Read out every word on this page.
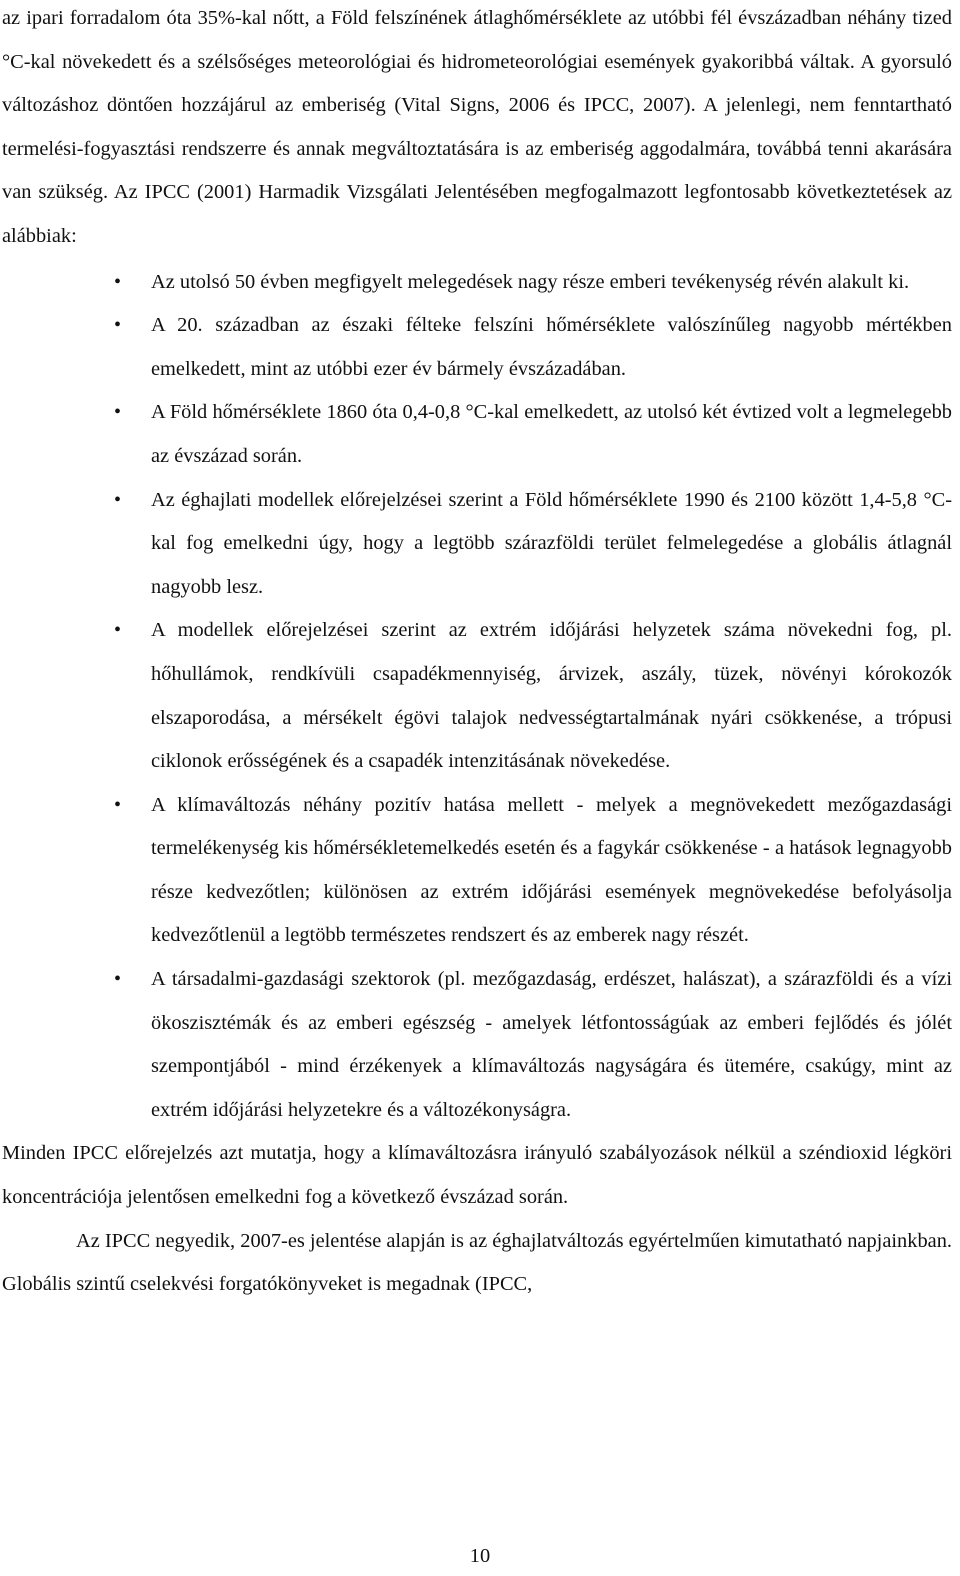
az ipari forradalom óta 35%-kal nőtt, a Föld felszínének átlaghőmérséklete az utóbbi fél évszázadban néhány tized °C-kal növekedett és a szélsőséges meteorológiai és hidrometeorológiai események gyakoribbá váltak. A gyorsuló változáshoz döntően hozzájárul az emberiség (Vital Signs, 2006 és IPCC, 2007). A jelenlegi, nem fenntartható termelési-fogyasztási rendszerre és annak megváltoztatására is az emberiség aggodalmára, továbbá tenni akarására van szükség. Az IPCC (2001) Harmadik Vizsgálati Jelentésében megfogalmazott legfontosabb következtetések az alábbiak:

• Az utolsó 50 évben megfigyelt melegedések nagy része emberi tevékenység révén alakult ki.
• A 20. században az északi félteke felszíni hőmérséklete valószínűleg nagyobb mértékben emelkedett, mint az utóbbi ezer év bármely évszázadában.
• A Föld hőmérséklete 1860 óta 0,4-0,8 °C-kal emelkedett, az utolsó két évtized volt a legmelegebb az évszázad során.
• Az éghajlati modellek előrejelzései szerint a Föld hőmérséklete 1990 és 2100 között 1,4-5,8 °C-kal fog emelkedni úgy, hogy a legtöbb szárazföldi terület felmelegedése a globális átlagnál nagyobb lesz.
• A modellek előrejelzései szerint az extrém időjárási helyzetek száma növekedni fog, pl. hőhullámok, rendkívüli csapadékmennyiség, árvizek, aszály, tüzek, növényi kórokozók elszaporodása, a mérsékelt égövi talajok nedvességtartalmának nyári csökkenése, a trópusi ciklonok erősségének és a csapadék intenzitásának növekedése.
• A klímaváltozás néhány pozitív hatása mellett - melyek a megnövekedett mezőgazdasági termelékenység kis hőmérsékletemelkedés esetén és a fagykár csökkenése - a hatások legnagyobb része kedvezőtlen; különösen az extrém időjárási események megnövekedése befolyásolja kedvezőtlenül a legtöbb természetes rendszert és az emberek nagy részét.
• A társadalmi-gazdasági szektorok (pl. mezőgazdaság, erdészet, halászat), a szárazföldi és a vízi ökoszisztémák és az emberi egészség - amelyek létfontosságúak az emberi fejlődés és jólét szempontjából - mind érzékenyek a klímaváltozás nagyságára és ütemére, csakúgy, mint az extrém időjárási helyzetekre és a változékonyságra.

Minden IPCC előrejelzés azt mutatja, hogy a klímaváltozásra irányuló szabályozások nélkül a széndioxid légköri koncentrációja jelentősen emelkedni fog a következő évszázad során.

Az IPCC negyedik, 2007-es jelentése alapján is az éghajlatváltozás egyértelműen kimutatható napjainkban. Globális szintű cselekvési forgatókönyveket is megadnak (IPCC,

10
